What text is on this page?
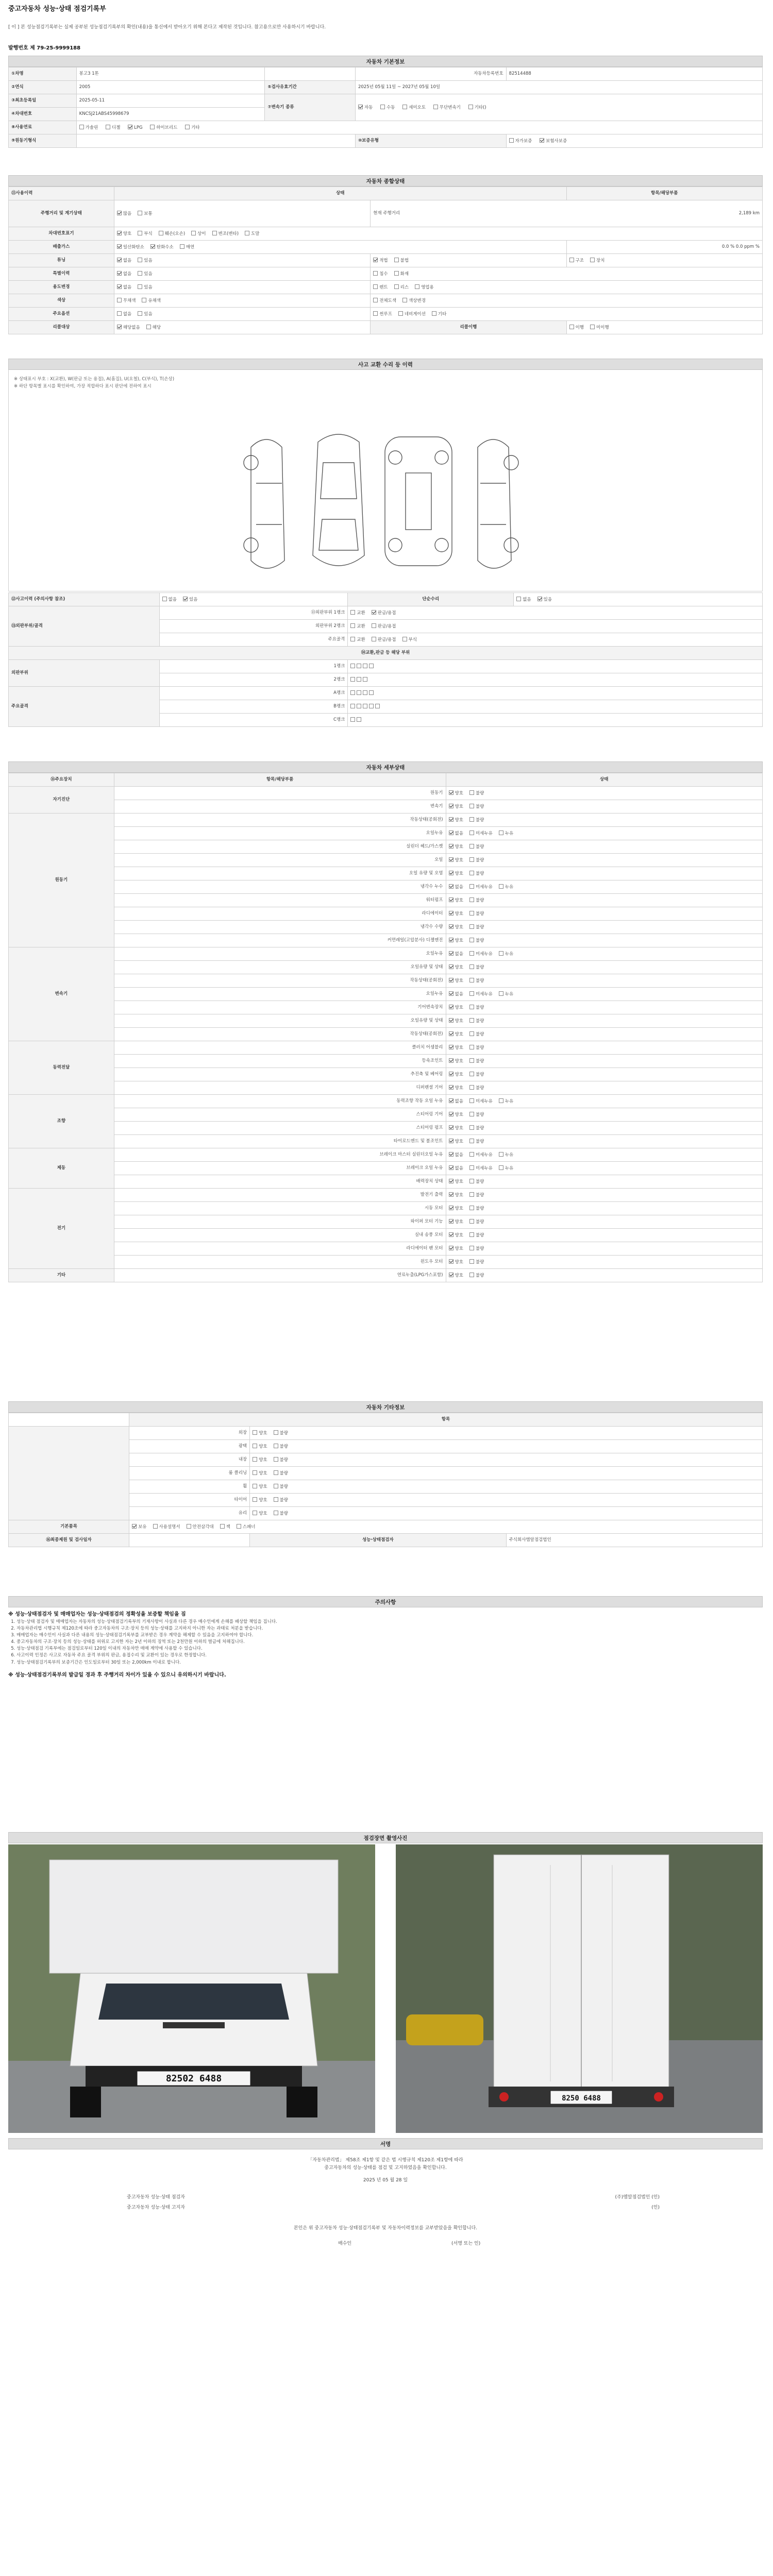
중고자동차 성능·상태 점검기록부
[ 이 ] 본 성능점검기록부는 실제 공부된 성능점검기록부의 확인(내용)을 통신에서 받아오기 위해 본다고 제작된 것입니다. 참고용으로만 사용하시기 바랍니다.
발행번호 제 79-25-9999188
자동차 기본정보
①차명	봉고3 1톤		자동차등록번호	82514488
②연식	2005	⑤검사유효기간	2025년 05월 11일 ~ 2027년 05월 10일	
③최초등록일	2025-05-11	⑦변속기 종류	자동 수동 세미오토 무단변속기 기타()	
④차대번호	KNCSJ21ABS45998679			
⑧사용연료	가솔린 디젤 LPG 하이브리드 기타			
⑨원동기형식			⑩보증유형	자가보증 보험사보증
자동차 종합상태
⑪사용이력	상태		항목/해당부품
주행거리 및 계기상태	많음 보통	현재 주행거리 2,189 km	

차대번호표기	양호 부식 훼손(오손) 상이 변조(변타) 도말		
배출가스	일산화탄소 탄화수소 매연		0.0 % 0.0 ppm %
튜닝	없음 있음	적법 불법	구조 장치
특별이력	없음 있음	침수 화재	
용도변경	없음 있음	렌트 리스 영업용	
색상	무채색 유채색	전체도색 색상변경	
주요옵션	없음 있음	썬루프 네비게이션 기타	
리콜대상	해당없음 해당	리콜이행	이행 미이행
사고 교환 수리 등 이력
※ 상태표시 부호 : X(교환), W(판금 또는 용접), A(흠집), U(요철), C(부식), T(손상)
※ 하단 항목별 표시를 확인하여, 가장 적합하다 표시 판단에 전하여 표시
⑫사고이력 (주의사항 참조)	없음 있음	단순수리	없음 있음
⑬외판부위/골격	⑬외판부위 1랭크	교환 판금/용접	
	외판부위 2랭크	교환 판금/용접	
	주요골격	교환 판금/용접 부식	
⑭교환,판금 등 해당 부위			
외판부위	1랭크		
	2랭크		
주요골격	A랭크		
	B랭크		
	C랭크		
자동차 세부상태
⑮주요장치	항목/해당부품	상태
자기진단	원동기	양호 불량
	변속기	양호 불량
원동기	작동상태(공회전)	양호 불량
	오일누유	없음 미세누유 누유
	실린더 헤드/가스켓	양호 불량
	오일	양호 불량
	오일 유량 및 오염	양호 불량
	냉각수 누수	없음 미세누유 누유
	워터펌프	양호 불량
	라디에이터	양호 불량
	냉각수 수량	양호 불량
	커먼레일(고압분사) 디젤엔진	양호 불량
변속기	오일누유	없음 미세누유 누유
	오일유량 및 상태	양호 불량
	작동상태(공회전)	양호 불량
	오일누유	없음 미세누유 누유
	기어변속장치	양호 불량
	오일유량 및 상태	양호 불량
	작동상태(공회전)	양호 불량
동력전달	클러치 어셈블리	양호 불량
	등속조인트	양호 불량
	추진축 및 베어링	양호 불량
	디퍼렌셜 기어	양호 불량
조향	동력조향 작동 오일 누유	없음 미세누유 누유
	스티어링 기어	양호 불량
	스티어링 펌프	양호 불량
	타이로드엔드 및 볼조인트	양호 불량
제동	브레이크 마스터 실린더오일 누유	없음 미세누유 누유
	브레이크 오일 누유	없음 미세누유 누유
	배력장치 상태	양호 불량
전기	발전기 출력	양호 불량
	시동 모터	양호 불량
	와이퍼 모터 기능	양호 불량
	실내 송풍 모터	양호 불량
	라디에이터 팬 모터	양호 불량
	윈도우 모터	양호 불량
기타	연료누출(LPG가스포함)	양호 불량
자동차 기타정보
	항목		
	외장	양호 불량	
	광택	양호 불량	
	내장	양호 불량	
	룸 클리닝	양호 불량	
	휠	양호 불량	
	타이어	양호 불량	
	유리	양호 불량	
기본품목	보유 사용설명서 안전삼각대 잭 스패너		
⑯최종제원 및 검사일자		성능·상태점검자	주식회사엠알점검법인
주의사항
※ 성능·상태점검자 및 매매업자는 성능·상태점검의 정확성을 보증할 책임을 짐
1. 성능·상태 점검자 및 매매업자는 자동차의 성능·상태점검기록부의 기재사항이 사실과 다른 경우 매수인에게 손해를 배상할 책임을 집니다.
2. 자동차관리법 시행규칙 제120조에 따라 중고자동차의 구조·장치 등의 성능·상태를 고지하지 아니한 자는 과태료 처분을 받습니다.
3. 매매업자는 매수인이 사실과 다른 내용의 성능·상태점검기록부를 교부받은 경우 계약을 해제할 수 있음을 고지하여야 합니다.
4. 중고자동차의 구조·장치 등의 성능·상태를 허위로 고지한 자는 2년 이하의 징역 또는 2천만원 이하의 벌금에 처해집니다.
5. 성능·상태점검 기록부에는 점검일로부터 120일 이내의 자동차만 매매 계약에 사용할 수 있습니다.
6. 사고이력 인정은 사고로 자동차 주요 골격 부위의 판금, 용접수리 및 교환이 있는 경우로 한정합니다.
7. 성능·상태점검기록부의 보증기간은 인도일로부터 30일 또는 2,000km 이내로 합니다.
※ 성능·상태점검기록부의 발급일 경과 후 주행거리 차이가 있을 수 있으니 유의하시기 바랍니다.
점검장면 촬영사진
82502 6488
8250 6488
서명
「자동차관리법」 제58조 제1항 및 같은 법 시행규칙 제120조 제1항에 따라
중고자동차의 성능·상태를 점검 및 고지하였음을 확인합니다.
2025 년 05 월 28 일
중고자동차 성능·상태 점검자	(주)엠알점검법인 (인)
중고자동차 성능·상태 고지자	(인)
본인은 위 중고자동차 성능·상태점검기록부 및 자동차이력정보를 교부받았음을 확인합니다.
매수인	(서명 또는 인)
